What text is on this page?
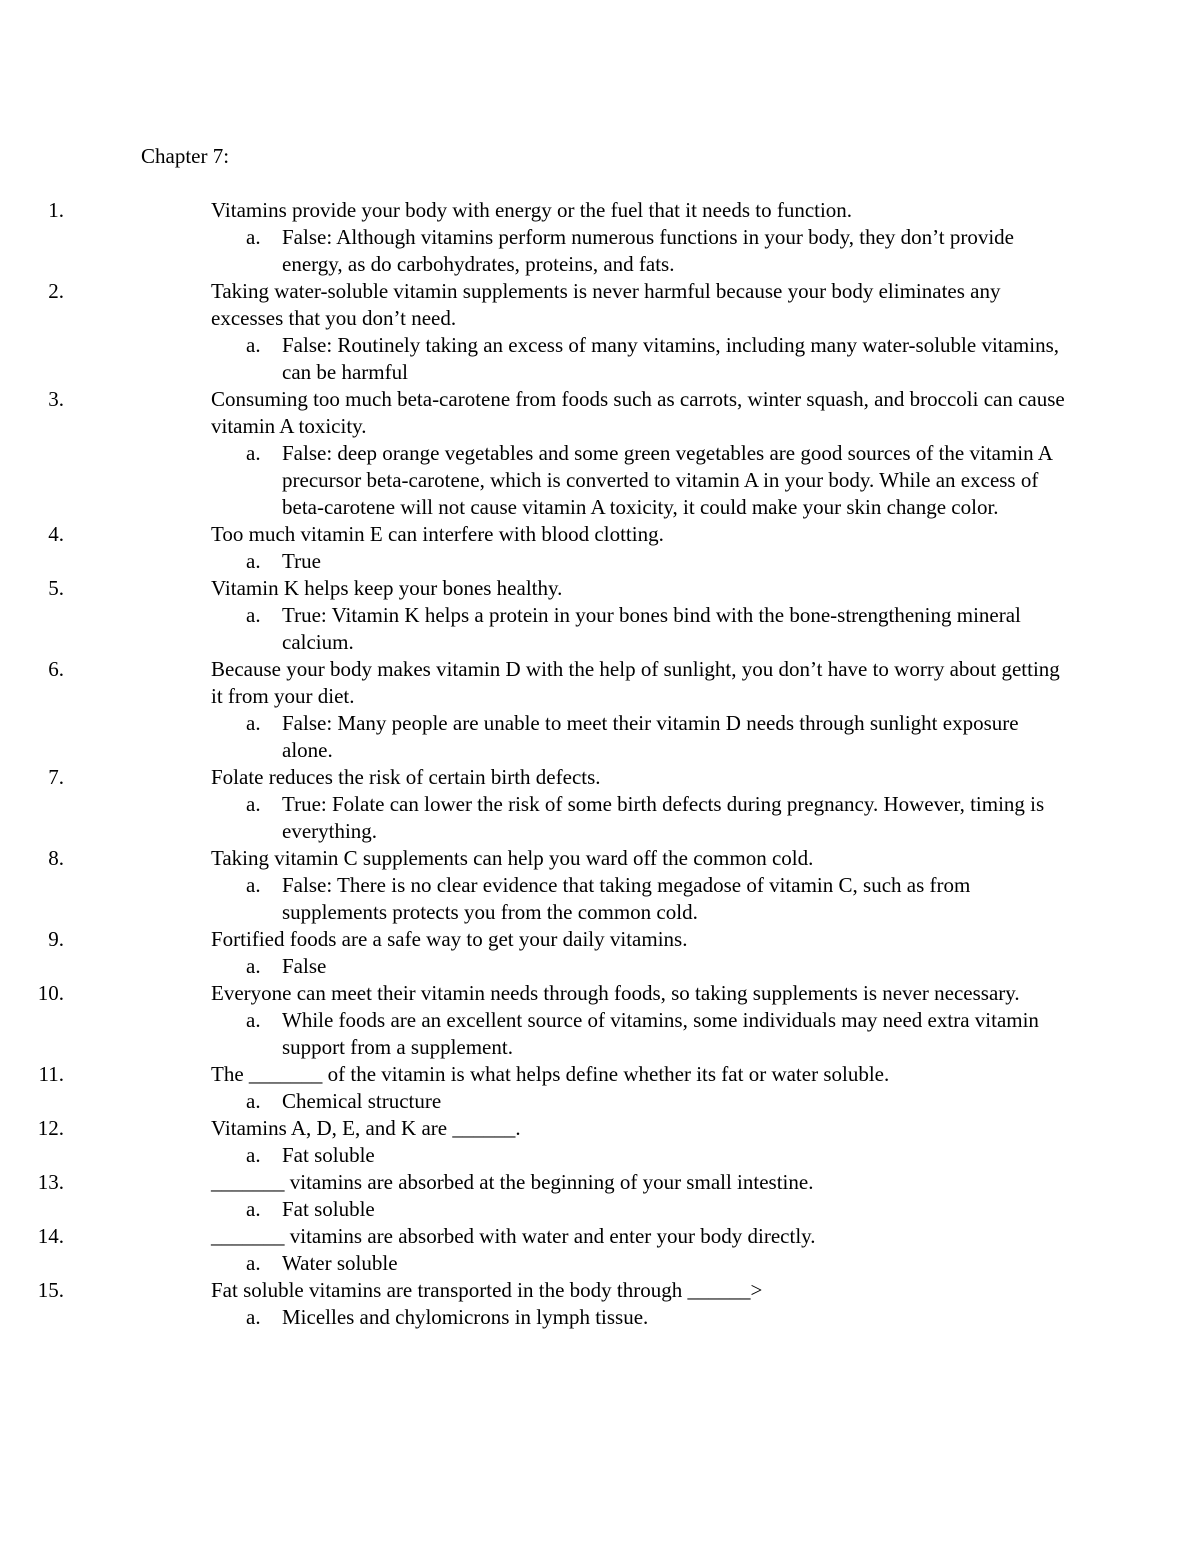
Chapter 7:
1.	Vitamins provide your body with energy or the fuel that it needs to function.
a. False: Although vitamins perform numerous functions in your body, they don’t provide energy, as do carbohydrates, proteins, and fats.
2.	Taking water-soluble vitamin supplements is never harmful because your body eliminates any excesses that you don’t need.
a. False: Routinely taking an excess of many vitamins, including many water-soluble vitamins, can be harmful
3.	Consuming too much beta-carotene from foods such as carrots, winter squash, and broccoli can cause vitamin A toxicity.
a. False: deep orange vegetables and some green vegetables are good sources of the vitamin A precursor beta-carotene, which is converted to vitamin A in your body. While an excess of beta-carotene will not cause vitamin A toxicity, it could make your skin change color.
4.	Too much vitamin E can interfere with blood clotting.
a. True
5.	Vitamin K helps keep your bones healthy.
a. True: Vitamin K helps a protein in your bones bind with the bone-strengthening mineral calcium.
6.	Because your body makes vitamin D with the help of sunlight, you don’t have to worry about getting it from your diet.
a. False: Many people are unable to meet their vitamin D needs through sunlight exposure alone.
7.	Folate reduces the risk of certain birth defects.
a. True: Folate can lower the risk of some birth defects during pregnancy. However, timing is everything.
8.	Taking vitamin C supplements can help you ward off the common cold.
a. False: There is no clear evidence that taking megadose of vitamin C, such as from supplements protects you from the common cold.
9.	Fortified foods are a safe way to get your daily vitamins.
a. False
10.	Everyone can meet their vitamin needs through foods, so taking supplements is never necessary.
a. While foods are an excellent source of vitamins, some individuals may need extra vitamin support from a supplement.
11.	The _______ of the vitamin is what helps define whether its fat or water soluble.
a. Chemical structure
12.	Vitamins A, D, E, and K are ______.
a. Fat soluble
13.	_______ vitamins are absorbed at the beginning of your small intestine.
a. Fat soluble
14.	_______ vitamins are absorbed with water and enter your body directly.
a. Water soluble
15.	Fat soluble vitamins are transported in the body through ______>
a. Micelles and chylomicrons in lymph tissue.
